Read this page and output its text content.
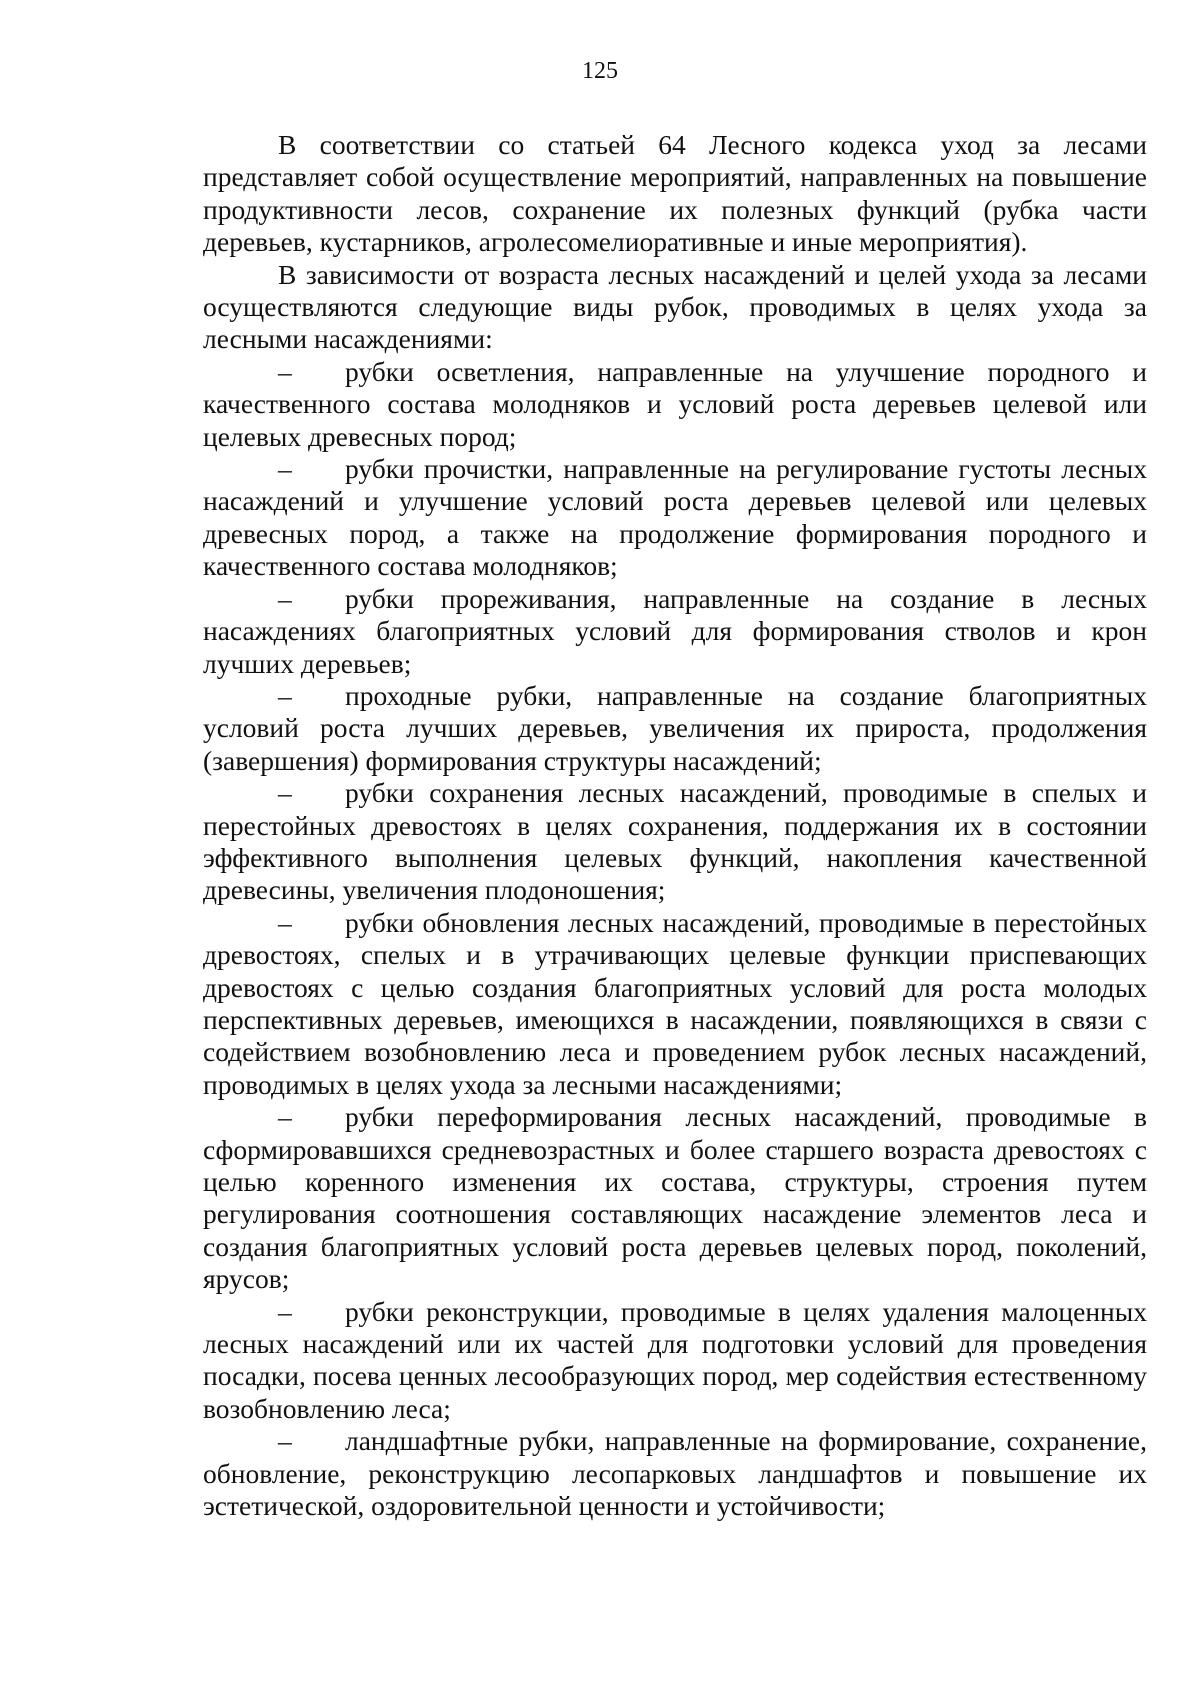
125

В соответствии со статьей 64 Лесного кодекса уход за лесами представляет собой осуществление мероприятий, направленных на повышение продуктивности лесов, сохранение их полезных функций (рубка части деревьев, кустарников, агролесомелиоративные и иные мероприятия).

В зависимости от возраста лесных насаждений и целей ухода за лесами осуществляются следующие виды рубок, проводимых в целях ухода за лесными насаждениями:

– рубки осветления, направленные на улучшение породного и качественного состава молодняков и условий роста деревьев целевой или целевых древесных пород;

– рубки прочистки, направленные на регулирование густоты лесных насаждений и улучшение условий роста деревьев целевой или целевых древесных пород, а также на продолжение формирования породного и качественного состава молодняков;

– рубки прореживания, направленные на создание в лесных насаждениях благоприятных условий для формирования стволов и крон лучших деревьев;

– проходные рубки, направленные на создание благоприятных условий роста лучших деревьев, увеличения их прироста, продолжения (завершения) формирования структуры насаждений;

– рубки сохранения лесных насаждений, проводимые в спелых и перестойных древостоях в целях сохранения, поддержания их в состоянии эффективного выполнения целевых функций, накопления качественной древесины, увеличения плодоношения;

– рубки обновления лесных насаждений, проводимые в перестойных древостоях, спелых и в утрачивающих целевые функции приспевающих древостоях с целью создания благоприятных условий для роста молодых перспективных деревьев, имеющихся в насаждении, появляющихся в связи с содействием возобновлению леса и проведением рубок лесных насаждений, проводимых в целях ухода за лесными насаждениями;

– рубки переформирования лесных насаждений, проводимые в сформировавшихся средневозрастных и более старшего возраста древостоях с целью коренного изменения их состава, структуры, строения путем регулирования соотношения составляющих насаждение элементов леса и создания благоприятных условий роста деревьев целевых пород, поколений, ярусов;

– рубки реконструкции, проводимые в целях удаления малоценных лесных насаждений или их частей для подготовки условий для проведения посадки, посева ценных лесообразующих пород, мер содействия естественному возобновлению леса;

– ландшафтные рубки, направленные на формирование, сохранение, обновление, реконструкцию лесопарковых ландшафтов и повышение их эстетической, оздоровительной ценности и устойчивости;
